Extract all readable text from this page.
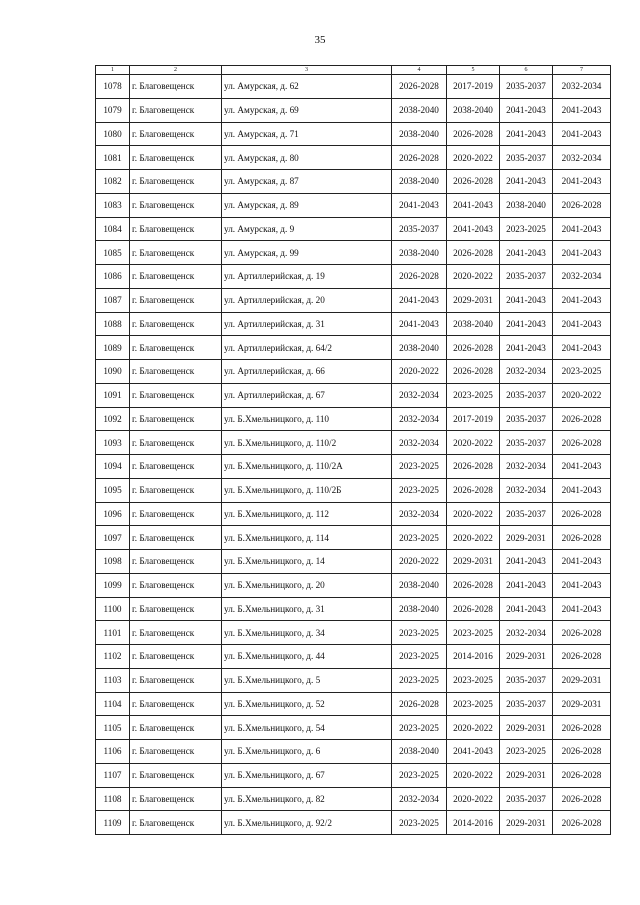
35
1	2	3	4	5	6	7
1078	г. Благовещенск	ул. Амурская, д. 62	2026-2028	2017-2019	2035-2037	2032-2034
1079	г. Благовещенск	ул. Амурская, д. 69	2038-2040	2038-2040	2041-2043	2041-2043
1080	г. Благовещенск	ул. Амурская, д. 71	2038-2040	2026-2028	2041-2043	2041-2043
1081	г. Благовещенск	ул. Амурская, д. 80	2026-2028	2020-2022	2035-2037	2032-2034
1082	г. Благовещенск	ул. Амурская, д. 87	2038-2040	2026-2028	2041-2043	2041-2043
1083	г. Благовещенск	ул. Амурская, д. 89	2041-2043	2041-2043	2038-2040	2026-2028
1084	г. Благовещенск	ул. Амурская, д. 9	2035-2037	2041-2043	2023-2025	2041-2043
1085	г. Благовещенск	ул. Амурская, д. 99	2038-2040	2026-2028	2041-2043	2041-2043
1086	г. Благовещенск	ул. Артиллерийская, д. 19	2026-2028	2020-2022	2035-2037	2032-2034
1087	г. Благовещенск	ул. Артиллерийская, д. 20	2041-2043	2029-2031	2041-2043	2041-2043
1088	г. Благовещенск	ул. Артиллерийская, д. 31	2041-2043	2038-2040	2041-2043	2041-2043
1089	г. Благовещенск	ул. Артиллерийская, д. 64/2	2038-2040	2026-2028	2041-2043	2041-2043
1090	г. Благовещенск	ул. Артиллерийская, д. 66	2020-2022	2026-2028	2032-2034	2023-2025
1091	г. Благовещенск	ул. Артиллерийская, д. 67	2032-2034	2023-2025	2035-2037	2020-2022
1092	г. Благовещенск	ул. Б.Хмельницкого, д. 110	2032-2034	2017-2019	2035-2037	2026-2028
1093	г. Благовещенск	ул. Б.Хмельницкого, д. 110/2	2032-2034	2020-2022	2035-2037	2026-2028
1094	г. Благовещенск	ул. Б.Хмельницкого, д. 110/2А	2023-2025	2026-2028	2032-2034	2041-2043
1095	г. Благовещенск	ул. Б.Хмельницкого, д. 110/2Б	2023-2025	2026-2028	2032-2034	2041-2043
1096	г. Благовещенск	ул. Б.Хмельницкого, д. 112	2032-2034	2020-2022	2035-2037	2026-2028
1097	г. Благовещенск	ул. Б.Хмельницкого, д. 114	2023-2025	2020-2022	2029-2031	2026-2028
1098	г. Благовещенск	ул. Б.Хмельницкого, д. 14	2020-2022	2029-2031	2041-2043	2041-2043
1099	г. Благовещенск	ул. Б.Хмельницкого, д. 20	2038-2040	2026-2028	2041-2043	2041-2043
1100	г. Благовещенск	ул. Б.Хмельницкого, д. 31	2038-2040	2026-2028	2041-2043	2041-2043
1101	г. Благовещенск	ул. Б.Хмельницкого, д. 34	2023-2025	2023-2025	2032-2034	2026-2028
1102	г. Благовещенск	ул. Б.Хмельницкого, д. 44	2023-2025	2014-2016	2029-2031	2026-2028
1103	г. Благовещенск	ул. Б.Хмельницкого, д. 5	2023-2025	2023-2025	2035-2037	2029-2031
1104	г. Благовещенск	ул. Б.Хмельницкого, д. 52	2026-2028	2023-2025	2035-2037	2029-2031
1105	г. Благовещенск	ул. Б.Хмельницкого, д. 54	2023-2025	2020-2022	2029-2031	2026-2028
1106	г. Благовещенск	ул. Б.Хмельницкого, д. 6	2038-2040	2041-2043	2023-2025	2026-2028
1107	г. Благовещенск	ул. Б.Хмельницкого, д. 67	2023-2025	2020-2022	2029-2031	2026-2028
1108	г. Благовещенск	ул. Б.Хмельницкого, д. 82	2032-2034	2020-2022	2035-2037	2026-2028
1109	г. Благовещенск	ул. Б.Хмельницкого, д. 92/2	2023-2025	2014-2016	2029-2031	2026-2028
